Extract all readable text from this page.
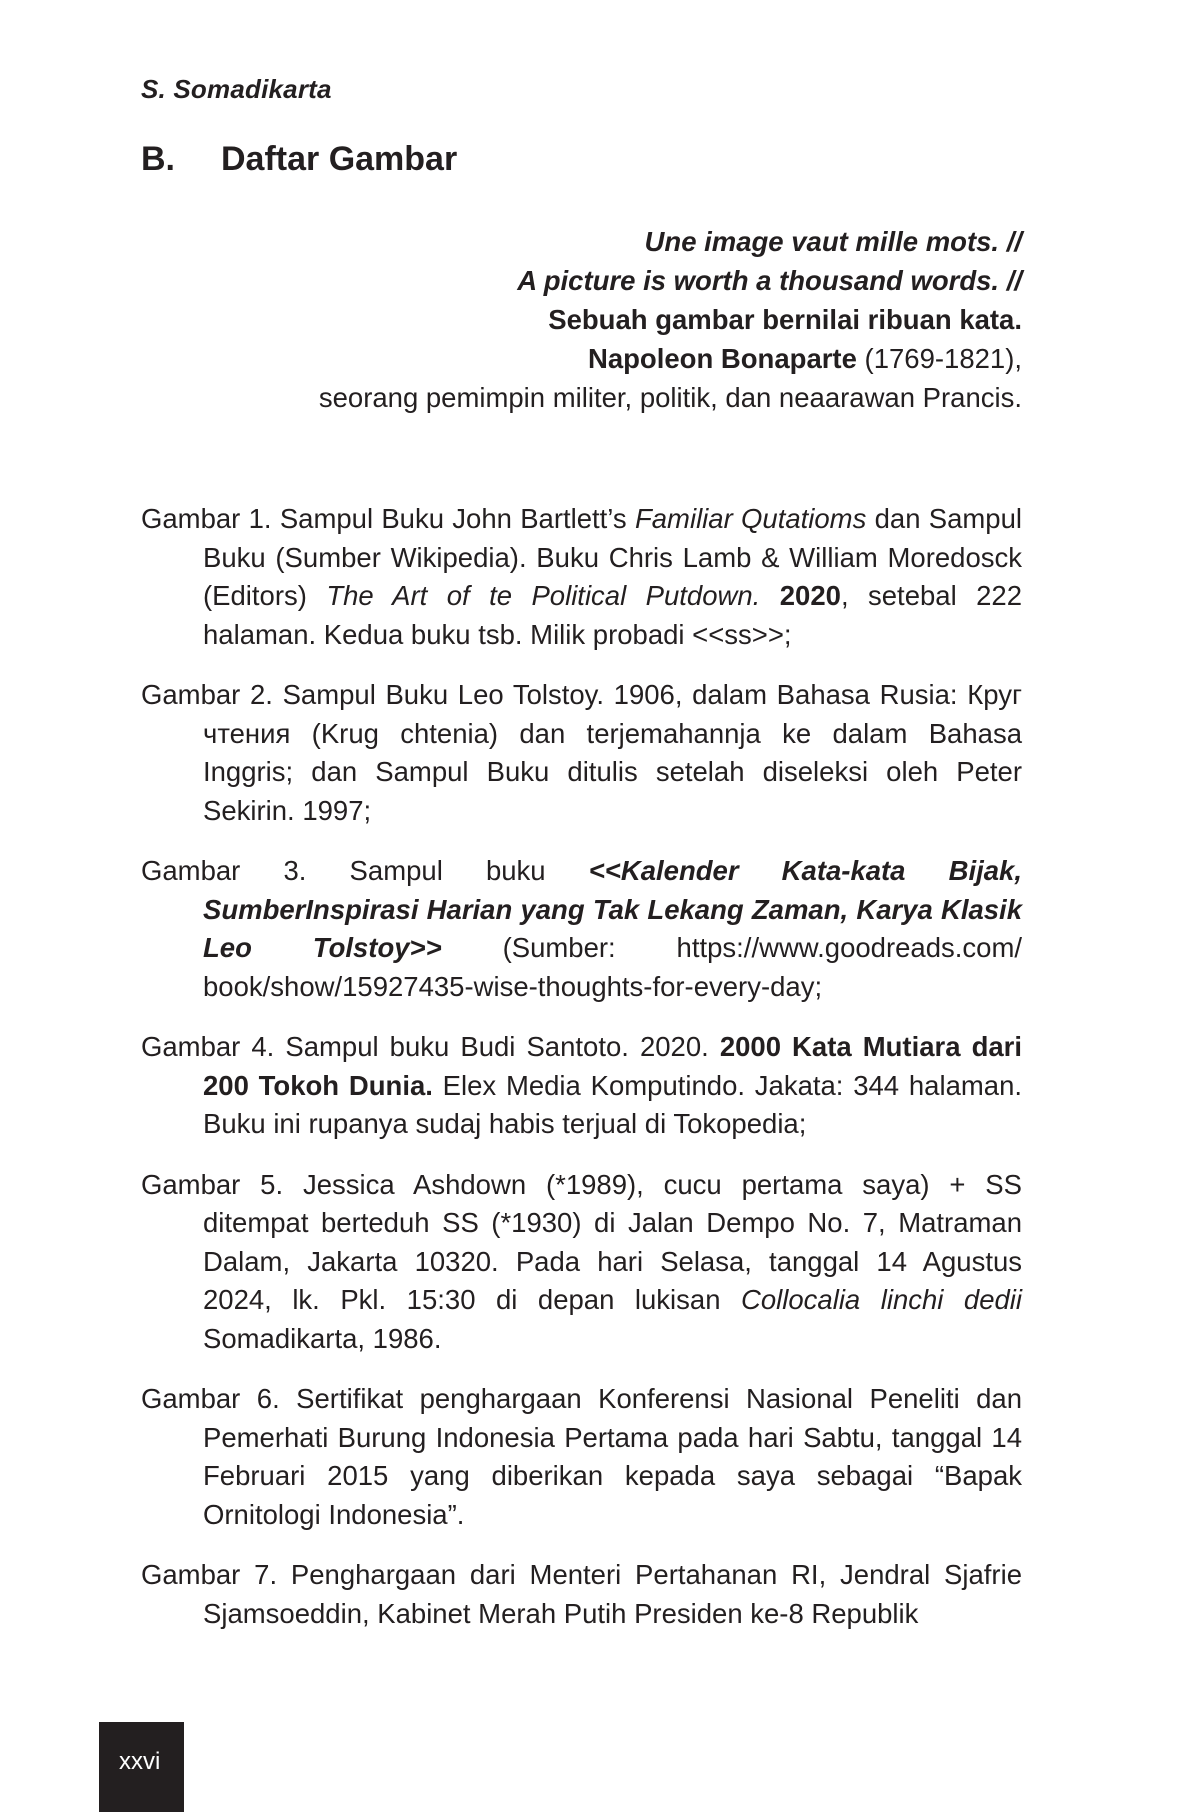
S. Somadikarta
B. Daftar Gambar
Une image vaut mille mots. //
A picture is worth a thousand words. //
Sebuah gambar bernilai ribuan kata.
Napoleon Bonaparte (1769-1821),
seorang pemimpin militer, politik, dan neaarawan Prancis.
Gambar 1. Sampul Buku John Bartlett’s Familiar Qutatioms dan Sampul Buku (Sumber Wikipedia). Buku Chris Lamb & William Moredosck (Editors) The Art of te Political Putdown. 2020, setebal 222 halaman. Kedua buku tsb. Milik probadi <<ss>>;
Gambar 2. Sampul Buku Leo Tolstoy. 1906, dalam Bahasa Rusia: Круг чтения (Krug chtenia) dan terjemahannja ke dalam Bahasa Inggris; dan Sampul Buku ditulis setelah diseleksi oleh Peter Sekirin. 1997;
Gambar 3. Sampul buku <<Kalender Kata-kata Bijak, SumberInspirasi Harian yang Tak Lekang Zaman, Karya Klasik Leo Tolstoy>> (Sumber: https://www.goodreads.com/ book/show/15927435-wise-thoughts-for-every-day;
Gambar 4. Sampul buku Budi Santoto. 2020. 2000 Kata Mutiara dari 200 Tokoh Dunia. Elex Media Komputindo. Jakata: 344 halaman. Buku ini rupanya sudaj habis terjual di Tokopedia;
Gambar 5. Jessica Ashdown (*1989), cucu pertama saya) + SS ditempat berteduh SS (*1930) di Jalan Dempo No. 7, Matraman Dalam, Jakarta 10320. Pada hari Selasa, tanggal 14 Agustus 2024, lk. Pkl. 15:30 di depan lukisan Collocalia linchi dedii Somadikarta, 1986.
Gambar 6. Sertifikat penghargaan Konferensi Nasional Peneliti dan Pemerhati Burung Indonesia Pertama pada hari Sabtu, tanggal 14 Februari 2015 yang diberikan kepada saya sebagai “Bapak Ornitologi Indonesia”.
Gambar 7. Penghargaan dari Menteri Pertahanan RI, Jendral Sjafrie Sjamsoeddin, Kabinet Merah Putih Presiden ke-8 Republik
xxvi
